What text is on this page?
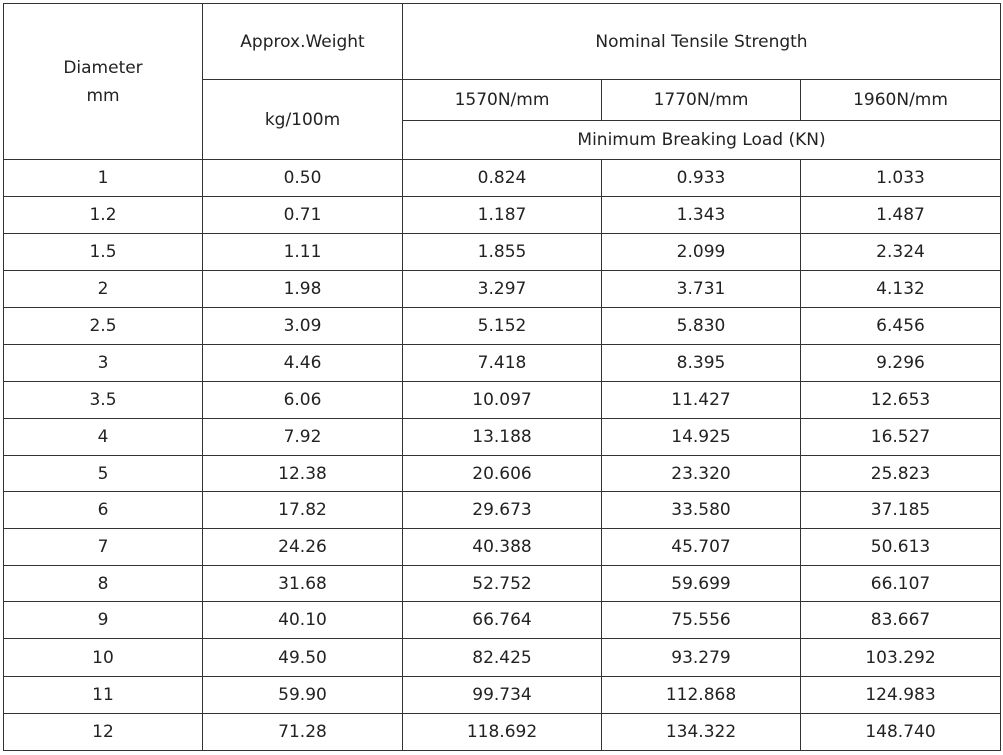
Diameter
mm	Approx.Weight	Nominal Tensile Strength		
	kg/100m	1570N/mm	1770N/mm	1960N/mm
		Minimum Breaking Load (KN)		
1	0.50	0.824	0.933	1.033
1.2	0.71	1.187	1.343	1.487
1.5	1.11	1.855	2.099	2.324
2	1.98	3.297	3.731	4.132
2.5	3.09	5.152	5.830	6.456
3	4.46	7.418	8.395	9.296
3.5	6.06	10.097	11.427	12.653
4	7.92	13.188	14.925	16.527
5	12.38	20.606	23.320	25.823
6	17.82	29.673	33.580	37.185
7	24.26	40.388	45.707	50.613
8	31.68	52.752	59.699	66.107
9	40.10	66.764	75.556	83.667
10	49.50	82.425	93.279	103.292
11	59.90	99.734	112.868	124.983
12	71.28	118.692	134.322	148.740
